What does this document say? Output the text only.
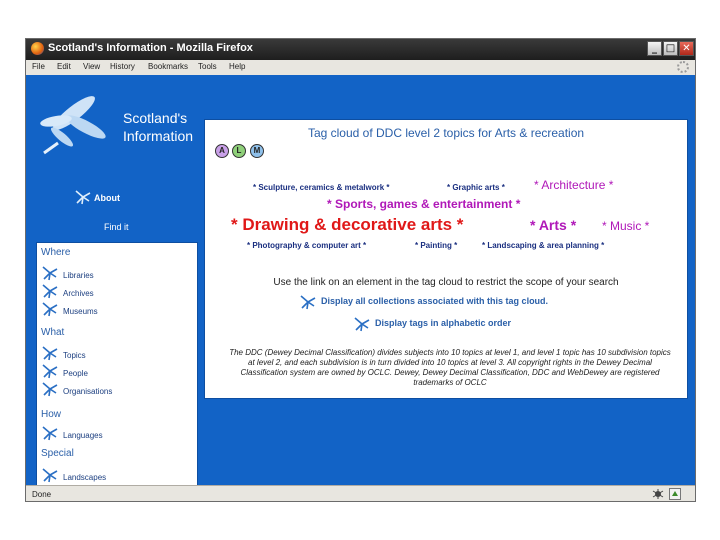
Scotland's Information - Mozilla Firefox	_ □ ✕
File Edit View History Bookmarks Tools Help
Scotland's
Information
About
Find it
Where
Libraries
Archives
Museums
What
Topics
People
Organisations
How
Languages
Special
Landscapes
Tag cloud of DDC level 2 topics for Arts & recreation
A	L	M
* Sculpture, ceramics & metalwork *	* Graphic arts * * Architecture *
* Sports, games & entertainment *
* Drawing & decorative arts *	* Arts * * Music *
* Photography & computer art *	* Painting *	* Landscaping & area planning *
Use the link on an element in the tag cloud to restrict the scope of your search
Display all collections associated with this tag cloud.
Display tags in alphabetic order
The DDC (Dewey Decimal Classification) divides subjects into 10 topics at level 1, and level 1 topic has 10 subdivision topics at level 2, and each subdivision is in turn divided into 10 topics at level 3. All copyright rights in the Dewey Decimal Classification system are owned by OCLC. Dewey, Dewey Decimal Classification, DDC and WebDewey are registered trademarks of OCLC
Done
